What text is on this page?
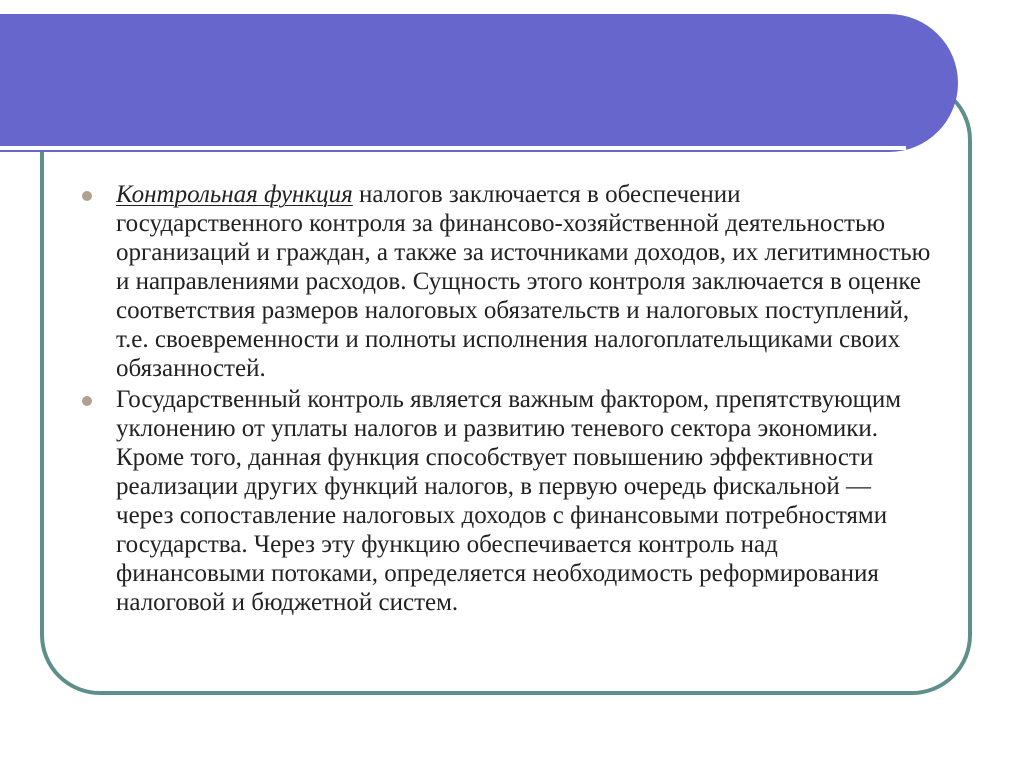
Контрольная функция налогов заключается в обеспечении государственного контроля за финансово-хозяйственной деятельностью организаций и граждан, а также за источниками доходов, их легитимностью и направлениями расходов. Сущность этого контроля заключается в оценке соответствия размеров налоговых обязательств и налоговых поступлений, т.е. своевременности и полноты исполнения налогоплательщиками своих обязанностей.

Государственный контроль является важным фактором, препятствующим уклонению от уплаты налогов и развитию теневого сектора экономики. Кроме того, данная функция способствует повышению эффективности реализации других функций налогов, в первую очередь фискальной — через сопоставление налоговых доходов с финансовыми потребностями государства. Через эту функцию обеспечивается контроль над финансовыми потоками, определяется необходимость реформирования налоговой и бюджетной систем.
